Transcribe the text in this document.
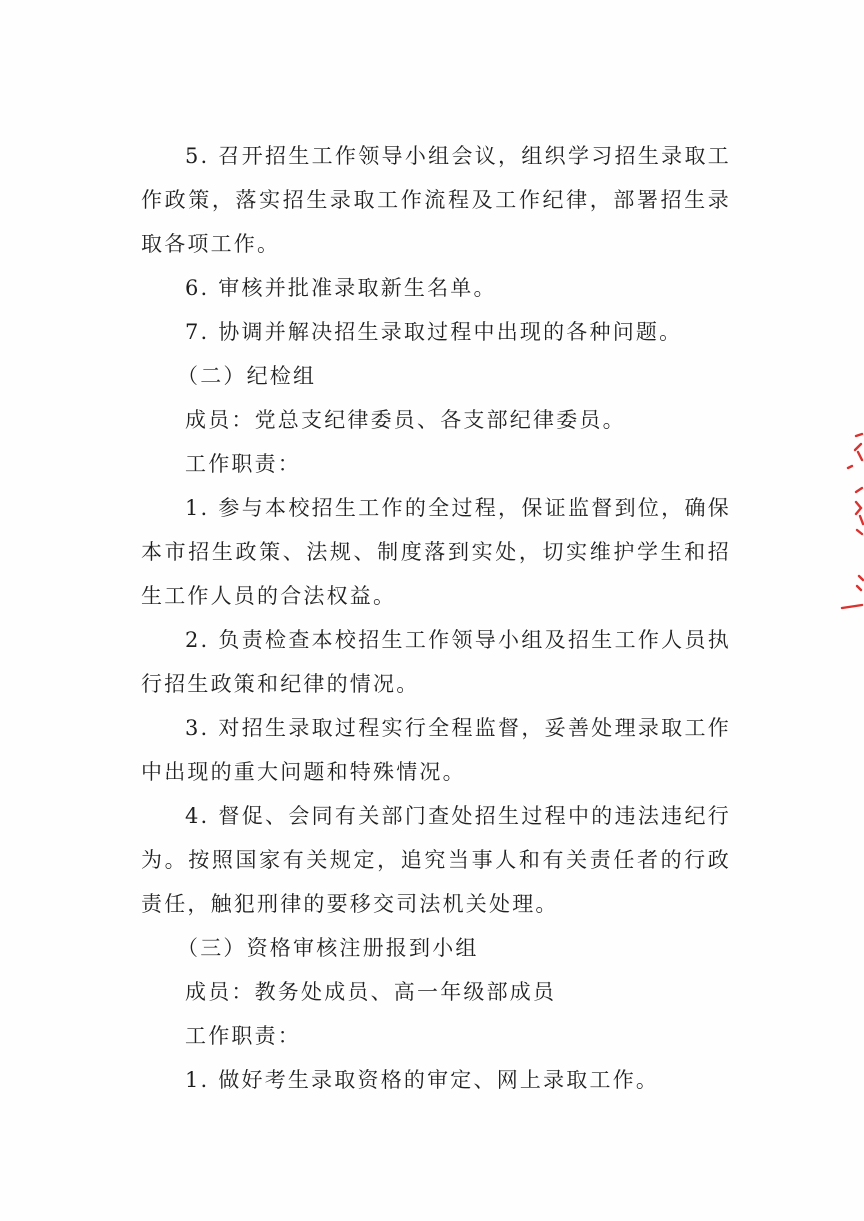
5. 召开招生工作领导小组会议，组织学习招生录取工作政策，落实招生录取工作流程及工作纪律，部署招生录取各项工作。

6. 审核并批准录取新生名单。

7. 协调并解决招生录取过程中出现的各种问题。

（二）纪检组

成员：党总支纪律委员、各支部纪律委员。

工作职责：

1. 参与本校招生工作的全过程，保证监督到位，确保本市招生政策、法规、制度落到实处，切实维护学生和招生工作人员的合法权益。

2. 负责检查本校招生工作领导小组及招生工作人员执行招生政策和纪律的情况。

3. 对招生录取过程实行全程监督，妥善处理录取工作中出现的重大问题和特殊情况。

4. 督促、会同有关部门查处招生过程中的违法违纪行为。按照国家有关规定，追究当事人和有关责任者的行政责任，触犯刑律的要移交司法机关处理。

（三）资格审核注册报到小组

成员：教务处成员、高一年级部成员

工作职责：

1. 做好考生录取资格的审定、网上录取工作。
